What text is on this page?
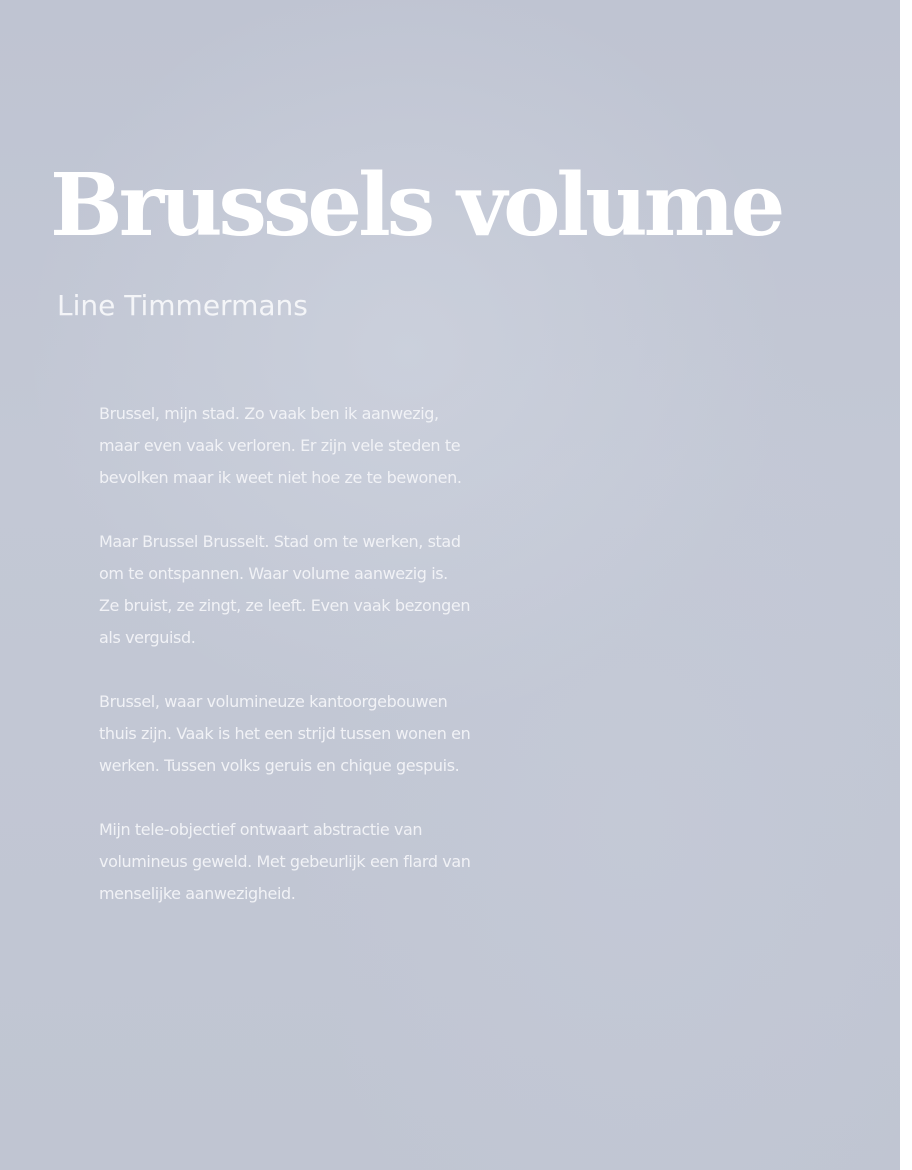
Brussels volume
Line Timmermans

Brussel, mijn stad. Zo vaak ben ik aanwezig,
maar even vaak verloren. Er zijn vele steden te
bevolken maar ik weet niet hoe ze te bewonen.

Maar Brussel Brusselt. Stad om te werken, stad
om te ontspannen. Waar volume aanwezig is.
Ze bruist, ze zingt, ze leeft. Even vaak bezongen
als verguisd.

Brussel, waar volumineuze kantoorgebouwen
thuis zijn. Vaak is het een strijd tussen wonen en
werken. Tussen volks geruis en chique gespuis.

Mijn tele-objectief ontwaart abstractie van
volumineus geweld. Met gebeurlijk een flard van
menselijke aanwezigheid.
